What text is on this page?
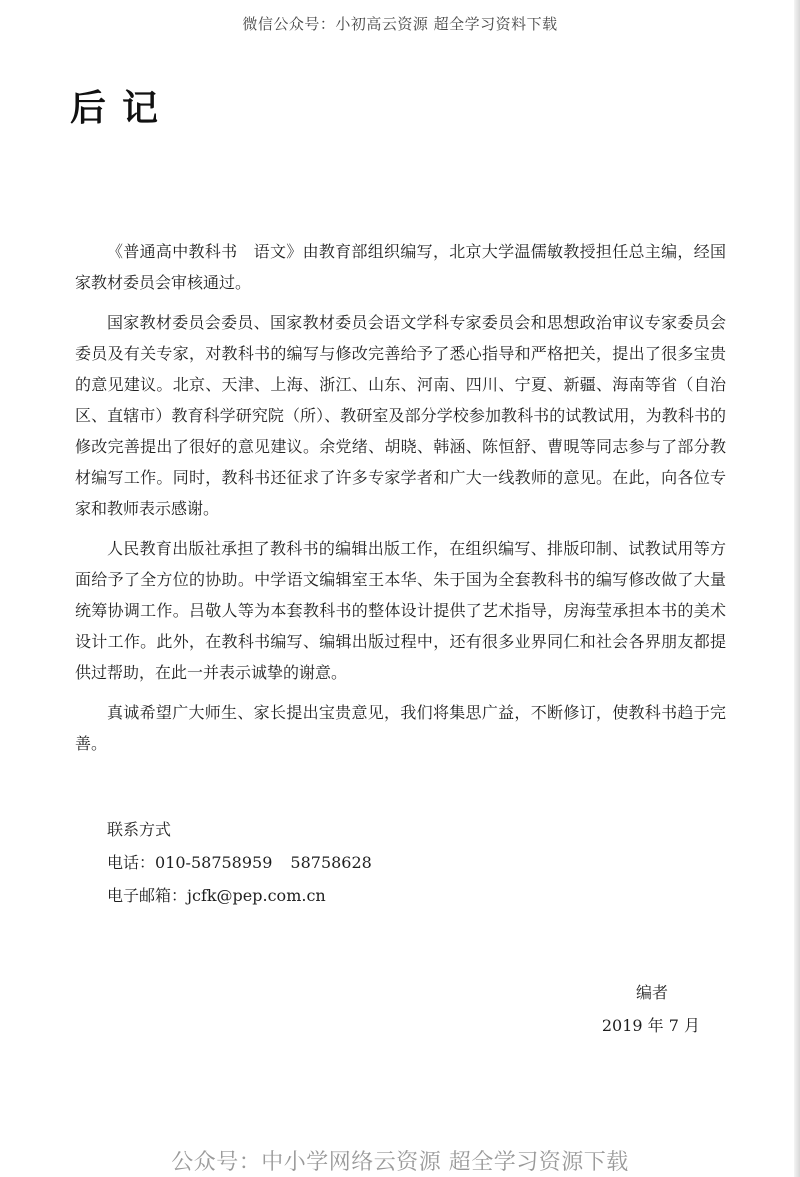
微信公众号：小初高云资源 超全学习资料下载
后记

《普通高中教科书　语文》由教育部组织编写，北京大学温儒敏教授担任总主编，经国家教材委员会审核通过。

国家教材委员会委员、国家教材委员会语文学科专家委员会和思想政治审议专家委员会委员及有关专家，对教科书的编写与修改完善给予了悉心指导和严格把关，提出了很多宝贵的意见建议。北京、天津、上海、浙江、山东、河南、四川、宁夏、新疆、海南等省（自治区、直辖市）教育科学研究院（所）、教研室及部分学校参加教科书的试教试用，为教科书的修改完善提出了很好的意见建议。余党绪、胡晓、韩涵、陈恒舒、曹晛等同志参与了部分教材编写工作。同时，教科书还征求了许多专家学者和广大一线教师的意见。在此，向各位专家和教师表示感谢。

人民教育出版社承担了教科书的编辑出版工作，在组织编写、排版印制、试教试用等方面给予了全方位的协助。中学语文编辑室王本华、朱于国为全套教科书的编写修改做了大量统筹协调工作。吕敬人等为本套教科书的整体设计提供了艺术指导，房海莹承担本书的美术设计工作。此外，在教科书编写、编辑出版过程中，还有很多业界同仁和社会各界朋友都提供过帮助，在此一并表示诚挚的谢意。

真诚希望广大师生、家长提出宝贵意见，我们将集思广益，不断修订，使教科书趋于完善。

联系方式
电话：010-58758959 58758628
电子邮箱：jcfk@pep.com.cn
编者
2019 年 7 月
公众号：中小学网络云资源 超全学习资源下载
